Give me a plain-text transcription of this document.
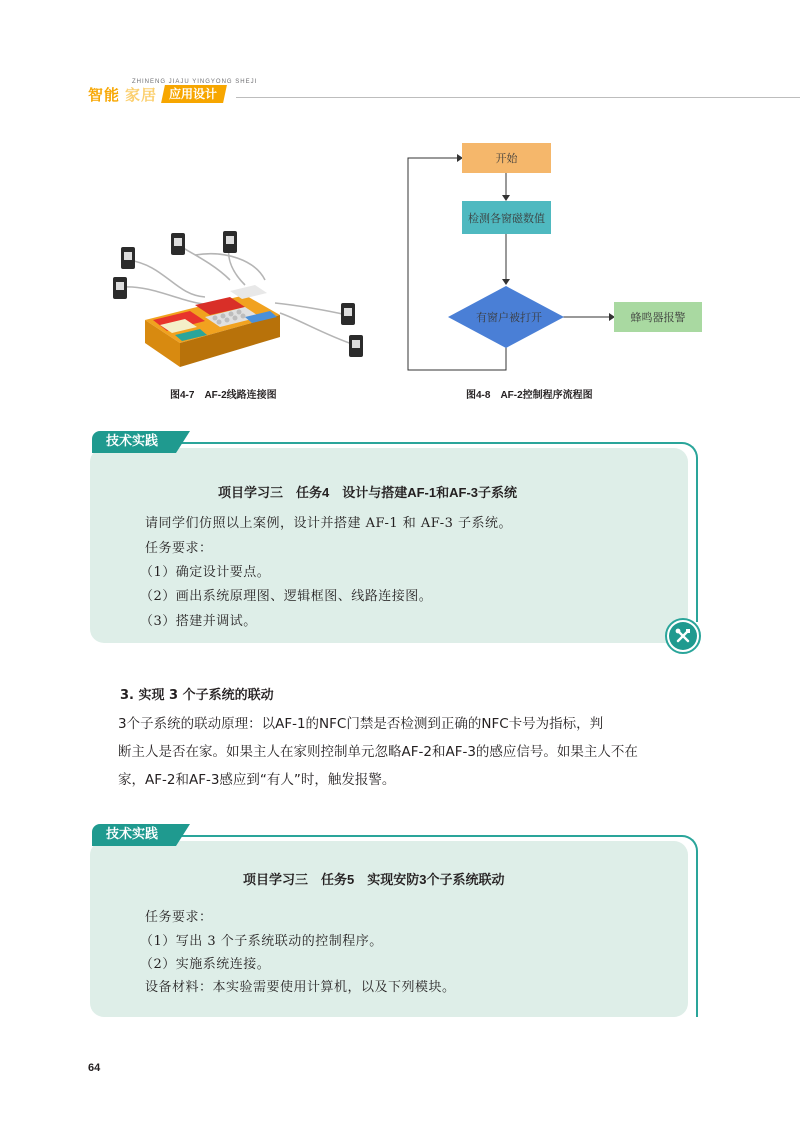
ZHINENG JIAJU YINGYONG SHEJI
智能 家居 应用设计
图4-7　AF-2线路连接图
开始
检测各窗磁数值
有窗户被打开	蜂鸣器报警
图4-8　AF-2控制程序流程图
技术实践
项目学习三　任务4　设计与搭建AF-1和AF-3子系统
请同学们仿照以上案例，设计并搭建 AF-1 和 AF-3 子系统。
任务要求：
（1）确定设计要点。
（2）画出系统原理图、逻辑框图、线路连接图。
（3）搭建并调试。
3. 实现 3 个子系统的联动
3个子系统的联动原理：以AF-1的NFC门禁是否检测到正确的NFC卡号为指标，判
断主人是否在家。如果主人在家则控制单元忽略AF-2和AF-3的感应信号。如果主人不在
家，AF-2和AF-3感应到“有人”时，触发报警。
技术实践
项目学习三　任务5　实现安防3个子系统联动
任务要求：
（1）写出 3 个子系统联动的控制程序。
（2）实施系统连接。
设备材料：本实验需要使用计算机，以及下列模块。
64
